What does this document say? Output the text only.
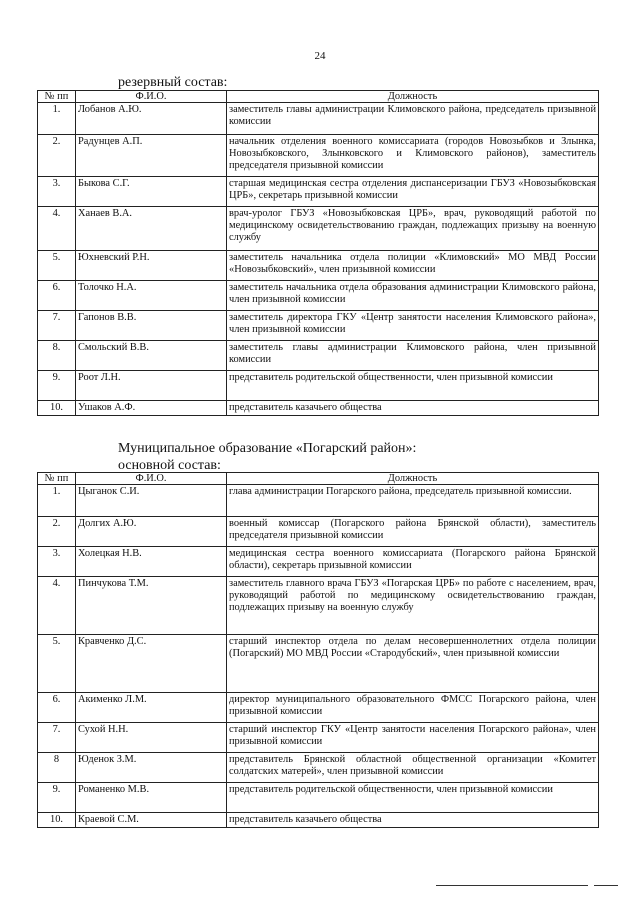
24
резервный состав:
№ пп	Ф.И.О.	Должность
1.	Лобанов А.Ю.	заместитель главы администрации Климовского района, председатель призывной комиссии
2.	Радунцев А.П.	начальник отделения военного комиссариата (городов Новозыбков и Злынка, Новозыбковского, Злынковского и Климовского районов), заместитель председателя призывной комиссии
3.	Быкова С.Г.	старшая медицинская сестра отделения диспансеризации ГБУЗ «Новозыбковская ЦРБ», секретарь призывной комиссии
4.	Ханаев В.А.	врач-уролог ГБУЗ «Новозыбковская ЦРБ», врач, руководящий работой по медицинскому освидетельствованию граждан, подлежащих призыву на военную службу
5.	Юхневский Р.Н.	заместитель начальника отдела полиции «Климовский» МО МВД России «Новозыбковский», член призывной комиссии
6.	Толочко Н.А.	заместитель начальника отдела образования администрации Климовского района, член призывной комиссии
7.	Гапонов В.В.	заместитель директора ГКУ «Центр занятости населения Климовского района», член призывной комиссии
8.	Смольский В.В.	заместитель главы администрации Климовского района, член призывной комиссии
9.	Роот Л.Н.	представитель родительской общественности, член призывной комиссии
10.	Ушаков А.Ф.	представитель казачьего общества
Муниципальное образование «Погарский район»:
основной состав:
№ пп	Ф.И.О.	Должность
1.	Цыганок С.И.	глава администрации Погарского района, председатель призывной комиссии.
2.	Долгих А.Ю.	военный комиссар (Погарского района Брянской области), заместитель председателя призывной комиссии
3.	Холецкая Н.В.	медицинская сестра военного комиссариата (Погарского района Брянской области), секретарь призывной комиссии
4.	Пинчукова Т.М.	заместитель главного врача ГБУЗ «Погарская ЦРБ» по работе с населением, врач, руководящий работой по медицинскому освидетельствованию граждан, подлежащих призыву на военную службу
5.	Кравченко Д.С.	старший инспектор отдела по делам несовершеннолетних отдела полиции (Погарский) МО МВД России «Стародубский», член призывной комиссии
6.	Акименко Л.М.	директор муниципального образовательного ФМСС Погарского района, член призывной комиссии
7.	Сухой Н.Н.	старший инспектор ГКУ «Центр занятости населения Погарского района», член призывной комиссии
8	Юденок З.М.	представитель Брянской областной общественной организации «Комитет солдатских матерей», член призывной комиссии
9.	Романенко М.В.	представитель родительской общественности, член призывной комиссии
10.	Краевой С.М.	представитель казачьего общества
